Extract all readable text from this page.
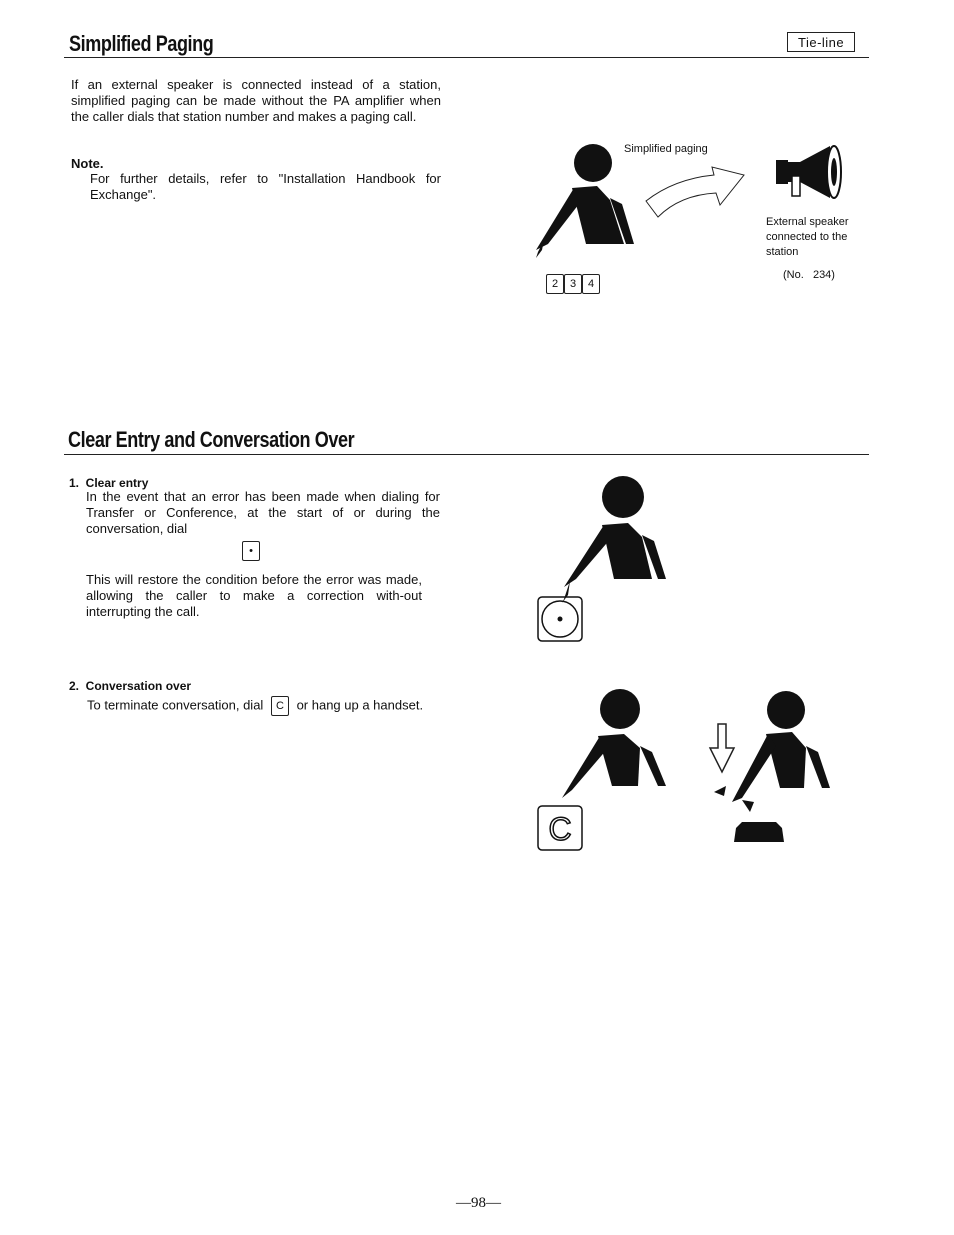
Simplified Paging	Tie-line
If an external speaker is connected instead of a station, simplified paging can be made without the PA amplifier when the caller dials that station number and makes a paging call.
Note.
For further details, refer to "Installation Handbook for Exchange".
2	3	4
Simplified paging
External speaker
connected to the
station
(No.   234)
Clear Entry and Conversation Over
1.  Clear entry
In the event that an error has been made when dialing for Transfer or Conference, at the start of or during the conversation, dial
•
This will restore the condition before the error was made, allowing the caller to make a correction with-out interrupting the call.
2.  Conversation over
To terminate conversation, dial C or hang up a handset.
C
—98—
